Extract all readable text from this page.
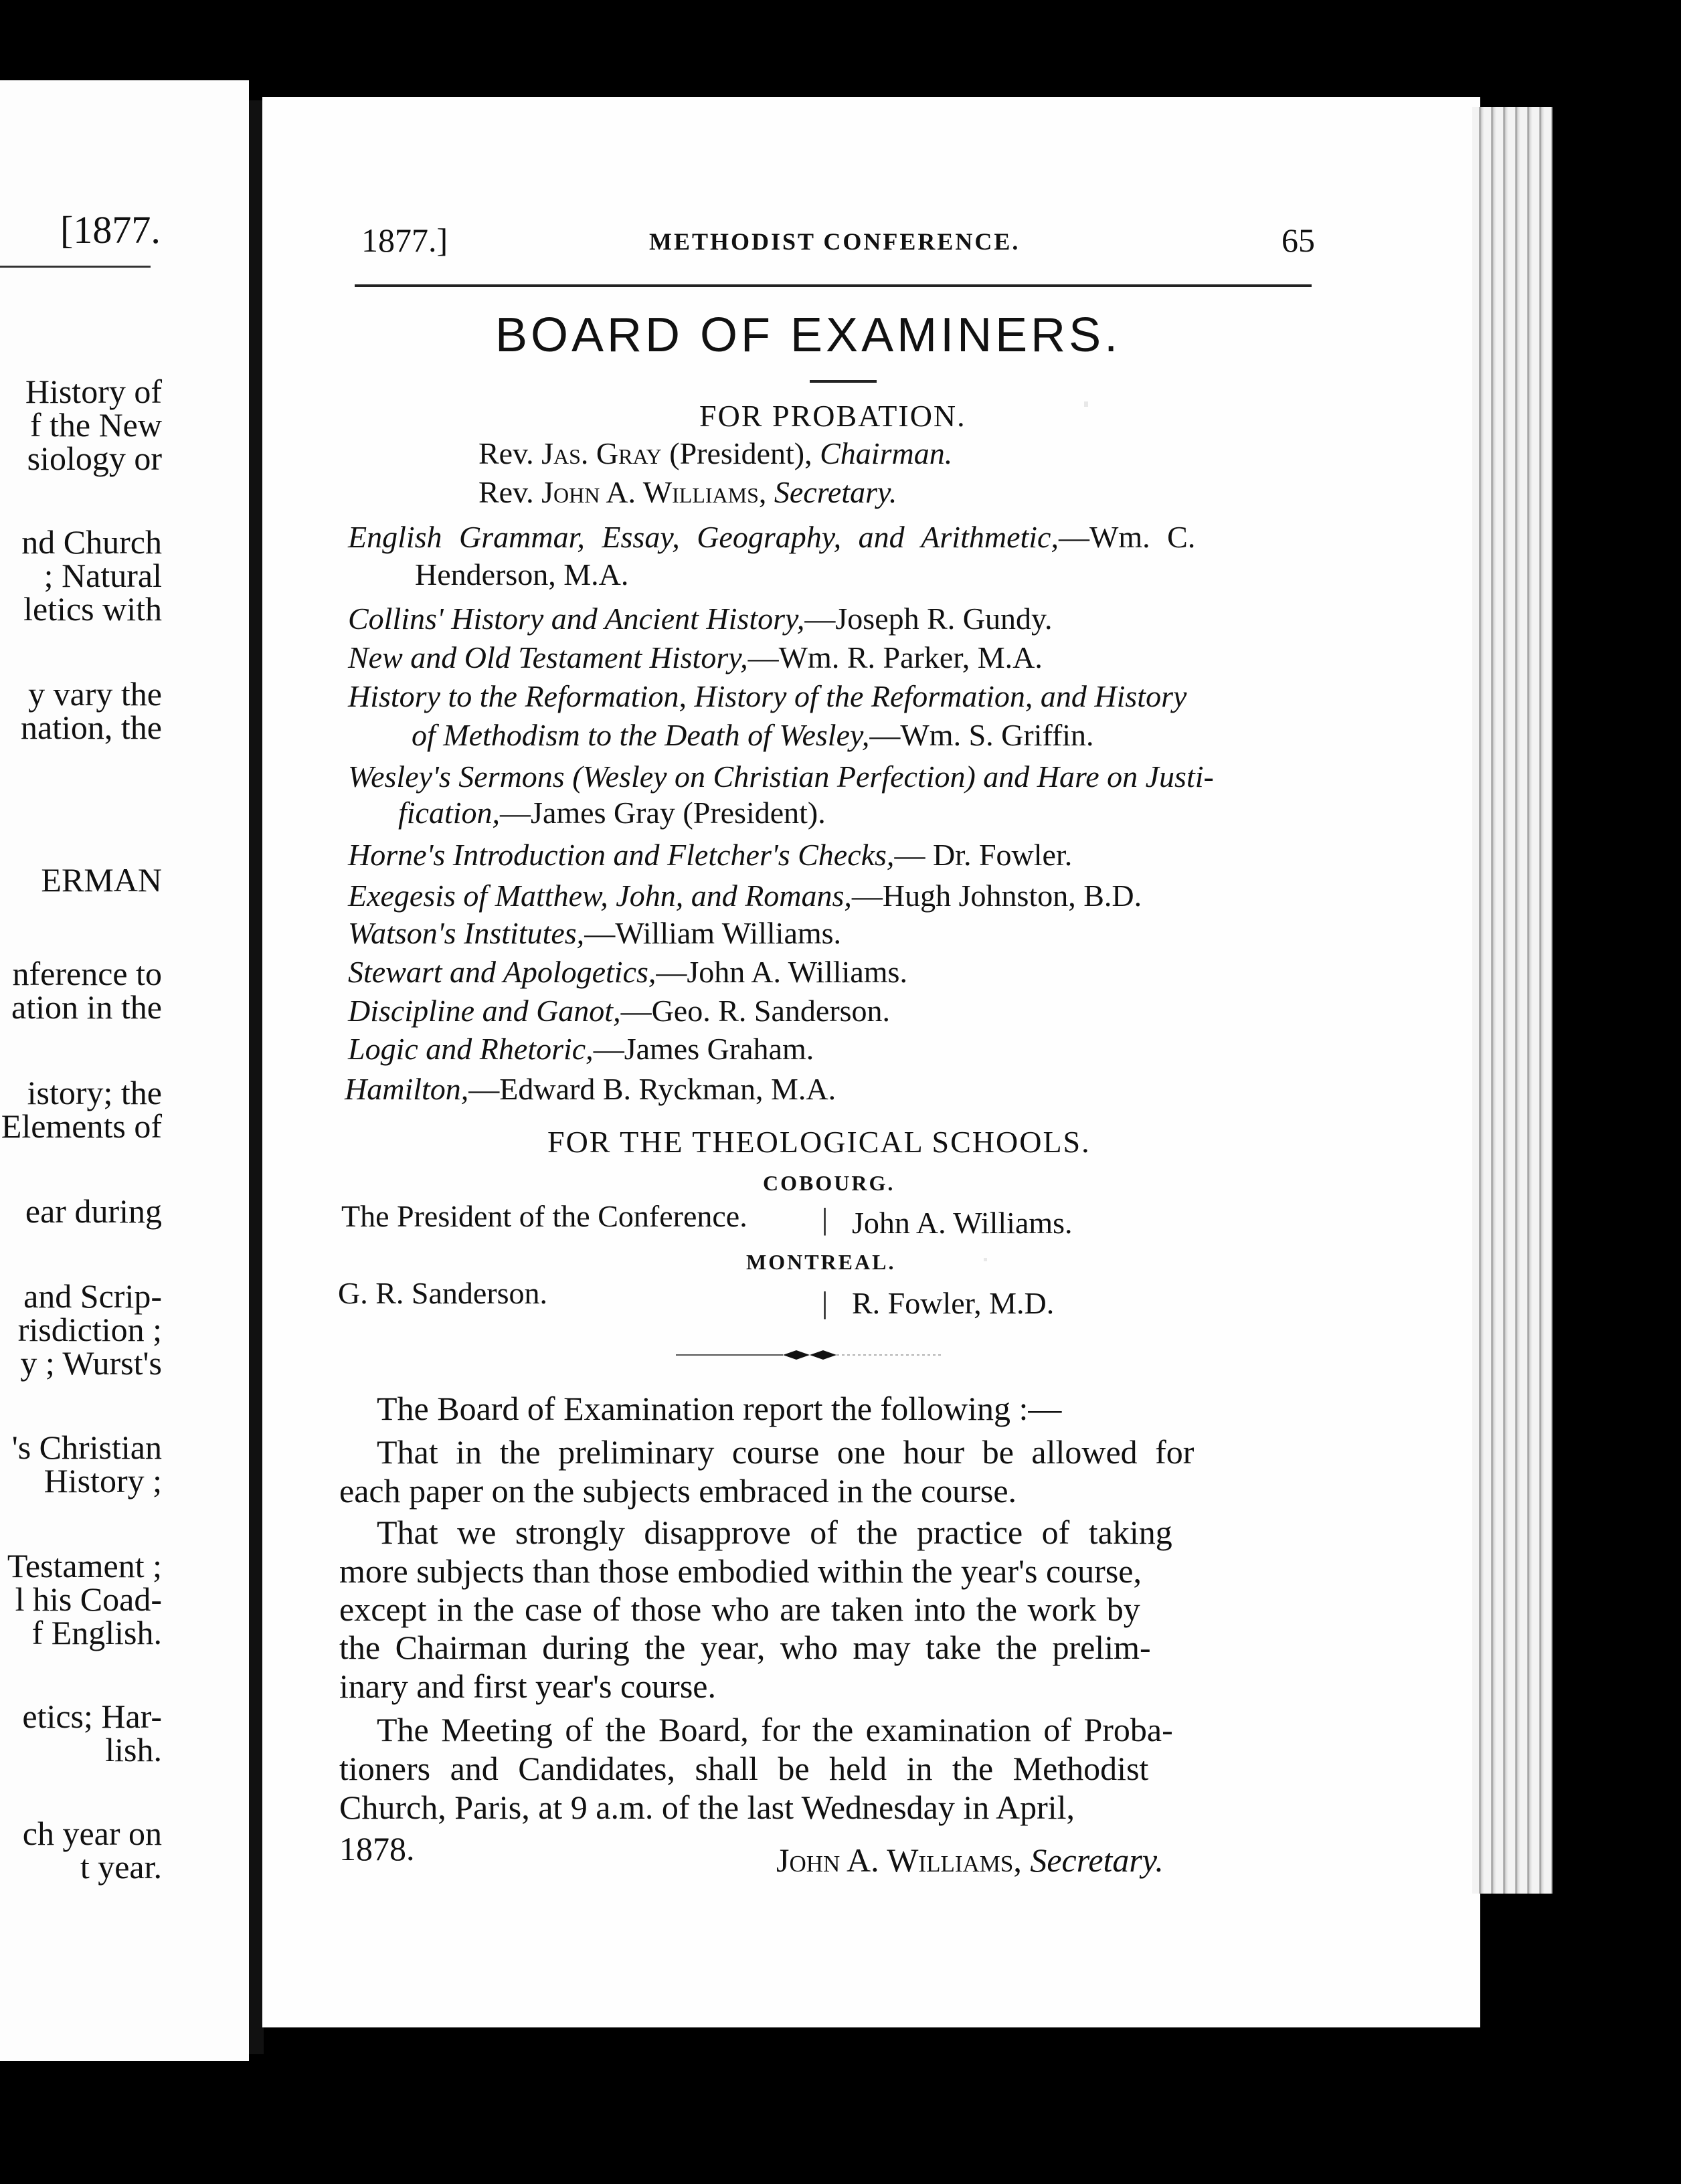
[1877.
History of
f the New
siology or
nd Church
; Natural
letics with
y vary the
nation, the
ERMAN
nference to
ation in the
istory; the
Elements of
ear during
and Scrip-
risdiction ;
y ; Wurst's
's Christian
History ;
Testament ;
l his Coad-
f English.
etics; Har-
lish.
ch year on
t year.
1877.]	METHODIST CONFERENCE.	65
BOARD OF EXAMINERS.
FOR PROBATION.
Rev. Jas. Gray (President), Chairman.
Rev. John A. Williams, Secretary.
English Grammar, Essay, Geography, and Arithmetic,—Wm. C.
Henderson, M.A.
Collins' History and Ancient History,—Joseph R. Gundy.
New and Old Testament History,—Wm. R. Parker, M.A.
History to the Reformation, History of the Reformation, and History
of Methodism to the Death of Wesley,—Wm. S. Griffin.
Wesley's Sermons (Wesley on Christian Perfection) and Hare on Justi-
fication,—James Gray (President).
Horne's Introduction and Fletcher's Checks,— Dr. Fowler.
Exegesis of Matthew, John, and Romans,—Hugh Johnston, B.D.
Watson's Institutes,—William Williams.
Stewart and Apologetics,—John A. Williams.
Discipline and Ganot,—Geo. R. Sanderson.
Logic and Rhetoric,—James Graham.
Hamilton,—Edward B. Ryckman, M.A.
FOR THE THEOLOGICAL SCHOOLS.
COBOURG.
The President of the Conference. | John A. Williams.
MONTREAL.
G. R. Sanderson.	| R. Fowler, M.D.
The Board of Examination report the following :—
That in the preliminary course one hour be allowed for
each paper on the subjects embraced in the course.
That we strongly disapprove of the practice of taking
more subjects than those embodied within the year's course,
except in the case of those who are taken into the work by
the Chairman during the year, who may take the prelim-
inary and first year's course.
The Meeting of the Board, for the examination of Proba-
tioners and Candidates, shall be held in the Methodist
Church, Paris, at 9 a.m. of the last Wednesday in April,
1878.	John A. Williams, Secretary.
